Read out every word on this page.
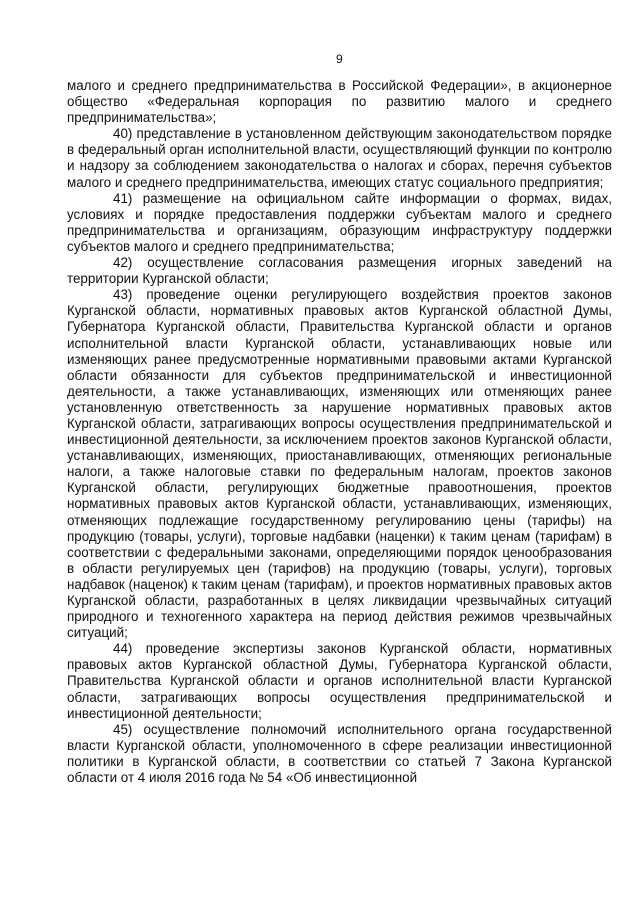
9

малого и среднего предпринимательства в Российской Федерации», в акционерное общество «Федеральная корпорация по развитию малого и среднего предпринимательства»;

40) представление в установленном действующим законодательством порядке в федеральный орган исполнительной власти, осуществляющий функции по контролю и надзору за соблюдением законодательства о налогах и сборах, перечня субъектов малого и среднего предпринимательства, имеющих статус социального предприятия;

41) размещение на официальном сайте информации о формах, видах, условиях и порядке предоставления поддержки субъектам малого и среднего предпринимательства и организациям, образующим инфраструктуру поддержки субъектов малого и среднего предпринимательства;

42) осуществление согласования размещения игорных заведений на территории Курганской области;

43) проведение оценки регулирующего воздействия проектов законов Курганской области, нормативных правовых актов Курганской областной Думы, Губернатора Курганской области, Правительства Курганской области и органов исполнительной власти Курганской области, устанавливающих новые или изменяющих ранее предусмотренные нормативными правовыми актами Курганской области обязанности для субъектов предпринимательской и инвестиционной деятельности, а также устанавливающих, изменяющих или отменяющих ранее установленную ответственность за нарушение нормативных правовых актов Курганской области, затрагивающих вопросы осуществления предпринимательской и инвестиционной деятельности, за исключением проектов законов Курганской области, устанавливающих, изменяющих, приостанавливающих, отменяющих региональные налоги, а также налоговые ставки по федеральным налогам, проектов законов Курганской области, регулирующих бюджетные правоотношения, проектов нормативных правовых актов Курганской области, устанавливающих, изменяющих, отменяющих подлежащие государственному регулированию цены (тарифы) на продукцию (товары, услуги), торговые надбавки (наценки) к таким ценам (тарифам) в соответствии с федеральными законами, определяющими порядок ценообразования в области регулируемых цен (тарифов) на продукцию (товары, услуги), торговых надбавок (наценок) к таким ценам (тарифам), и проектов нормативных правовых актов Курганской области, разработанных в целях ликвидации чрезвычайных ситуаций природного и техногенного характера на период действия режимов чрезвычайных ситуаций;

44) проведение экспертизы законов Курганской области, нормативных правовых актов Курганской областной Думы, Губернатора Курганской области, Правительства Курганской области и органов исполнительной власти Курганской области, затрагивающих вопросы осуществления предпринимательской и инвестиционной деятельности;

45) осуществление полномочий исполнительного органа государственной власти Курганской области, уполномоченного в сфере реализации инвестиционной политики в Курганской области, в соответствии со статьей 7 Закона Курганской области от 4 июля 2016 года № 54 «Об инвестиционной
